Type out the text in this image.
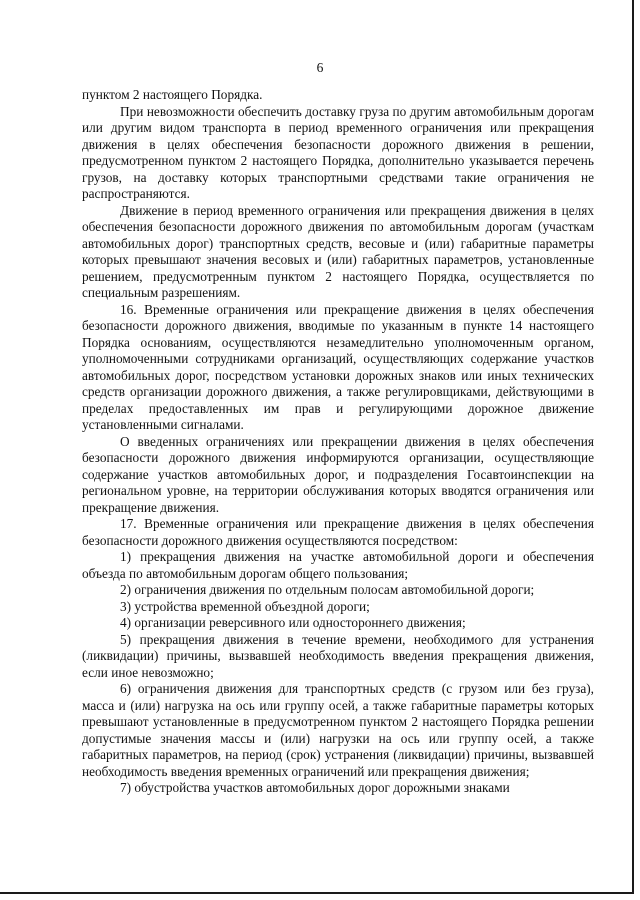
6

пунктом 2 настоящего Порядка.

При невозможности обеспечить доставку груза по другим автомобильным дорогам или другим видом транспорта в период временного ограничения или прекращения движения в целях обеспечения безопасности дорожного движения в решении, предусмотренном пунктом 2 настоящего Порядка, дополнительно указывается перечень грузов, на доставку которых транспортными средствами такие ограничения не распространяются.

Движение в период временного ограничения или прекращения движения в целях обеспечения безопасности дорожного движения по автомобильным дорогам (участкам автомобильных дорог) транспортных средств, весовые и (или) габаритные параметры которых превышают значения весовых и (или) габаритных параметров, установленные решением, предусмотренным пунктом 2 настоящего Порядка, осуществляется по специальным разрешениям.

16. Временные ограничения или прекращение движения в целях обеспечения безопасности дорожного движения, вводимые по указанным в пункте 14 настоящего Порядка основаниям, осуществляются незамедлительно уполномоченным органом, уполномоченными сотрудниками организаций, осуществляющих содержание участков автомобильных дорог, посредством установки дорожных знаков или иных технических средств организации дорожного движения, а также регулировщиками, действующими в пределах предоставленных им прав и регулирующими дорожное движение установленными сигналами.

О введенных ограничениях или прекращении движения в целях обеспечения безопасности дорожного движения информируются организации, осуществляющие содержание участков автомобильных дорог, и подразделения Госавтоинспекции на региональном уровне, на территории обслуживания которых вводятся ограничения или прекращение движения.

17. Временные ограничения или прекращение движения в целях обеспечения безопасности дорожного движения осуществляются посредством:

1) прекращения движения на участке автомобильной дороги и обеспечения объезда по автомобильным дорогам общего пользования;

2) ограничения движения по отдельным полосам автомобильной дороги;

3) устройства временной объездной дороги;

4) организации реверсивного или одностороннего движения;

5) прекращения движения в течение времени, необходимого для устранения (ликвидации) причины, вызвавшей необходимость введения прекращения движения, если иное невозможно;

6) ограничения движения для транспортных средств (с грузом или без груза), масса и (или) нагрузка на ось или группу осей, а также габаритные параметры которых превышают установленные в предусмотренном пунктом 2 настоящего Порядка решении допустимые значения массы и (или) нагрузки на ось или группу осей, а также габаритных параметров, на период (срок) устранения (ликвидации) причины, вызвавшей необходимость введения временных ограничений или прекращения движения;

7) обустройства участков автомобильных дорог дорожными знаками
